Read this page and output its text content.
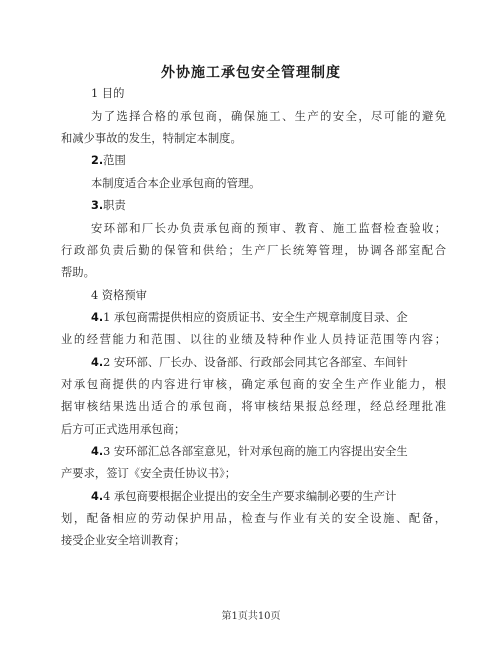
外协施工承包安全管理制度
1 目的
为了选择合格的承包商，确保施工、生产的安全，尽可能的避免
和减少事故的发生，特制定本制度。
2.范围
本制度适合本企业承包商的管理。
3.职责
安环部和厂长办负责承包商的预审、教育、施工监督检查验收；
行政部负责后勤的保管和供给；生产厂长统筹管理，协调各部室配合
帮助。
4 资格预审
4.1 承包商需提供相应的资质证书、安全生产规章制度目录、企
业的经营能力和范围、以往的业绩及特种作业人员持证范围等内容；
4.2 安环部、厂长办、设备部、行政部会同其它各部室、车间针
对承包商提供的内容进行审核，确定承包商的安全生产作业能力，根
据审核结果选出适合的承包商，将审核结果报总经理，经总经理批准
后方可正式选用承包商；
4.3 安环部汇总各部室意见，针对承包商的施工内容提出安全生
产要求，签订《安全责任协议书》；
4.4 承包商要根据企业提出的安全生产要求编制必要的生产计
划，配备相应的劳动保护用品，检查与作业有关的安全设施、配备，
接受企业安全培训教育；
第1页共10页
